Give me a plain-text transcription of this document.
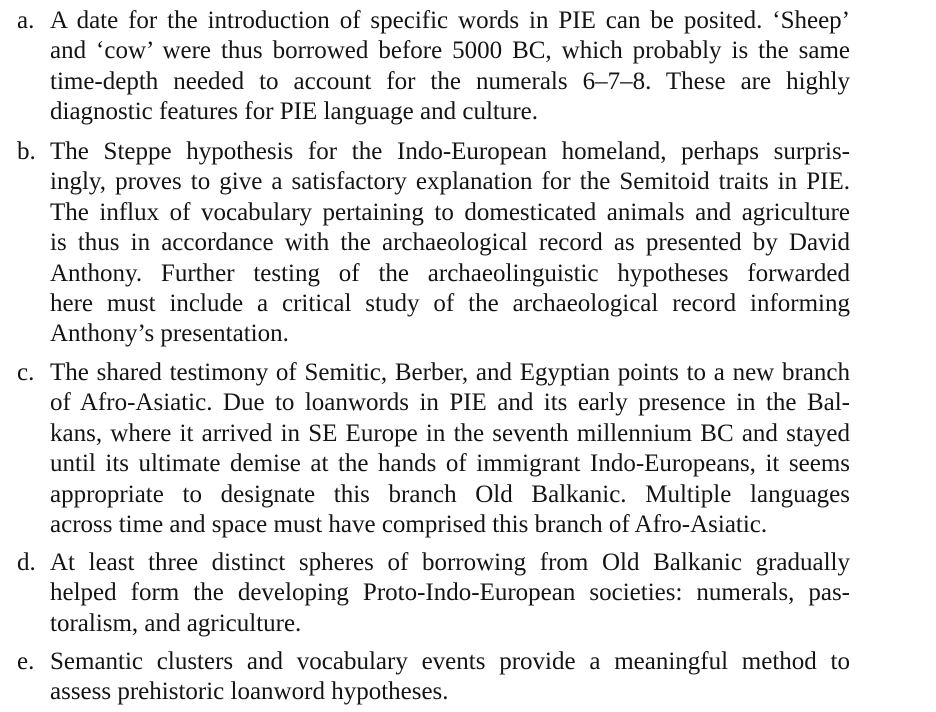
a. A date for the introduction of specific words in PIE can be posited. ‘Sheep’
and ‘cow’ were thus borrowed before 5000 BC, which probably is the same
time-depth needed to account for the numerals 6–7–8. These are highly
diagnostic features for PIE language and culture.
b. The Steppe hypothesis for the Indo-European homeland, perhaps surpris-
ingly, proves to give a satisfactory explanation for the Semitoid traits in PIE.
The influx of vocabulary pertaining to domesticated animals and agriculture
is thus in accordance with the archaeological record as presented by David
Anthony. Further testing of the archaeolinguistic hypotheses forwarded
here must include a critical study of the archaeological record informing
Anthony’s presentation.
c. The shared testimony of Semitic, Berber, and Egyptian points to a new branch
of Afro-Asiatic. Due to loanwords in PIE and its early presence in the Bal-
kans, where it arrived in SE Europe in the seventh millennium BC and stayed
until its ultimate demise at the hands of immigrant Indo-Europeans, it seems
appropriate to designate this branch Old Balkanic. Multiple languages
across time and space must have comprised this branch of Afro-Asiatic.
d. At least three distinct spheres of borrowing from Old Balkanic gradually
helped form the developing Proto-Indo-European societies: numerals, pas-
toralism, and agriculture.
e. Semantic clusters and vocabulary events provide a meaningful method to
assess prehistoric loanword hypotheses.
